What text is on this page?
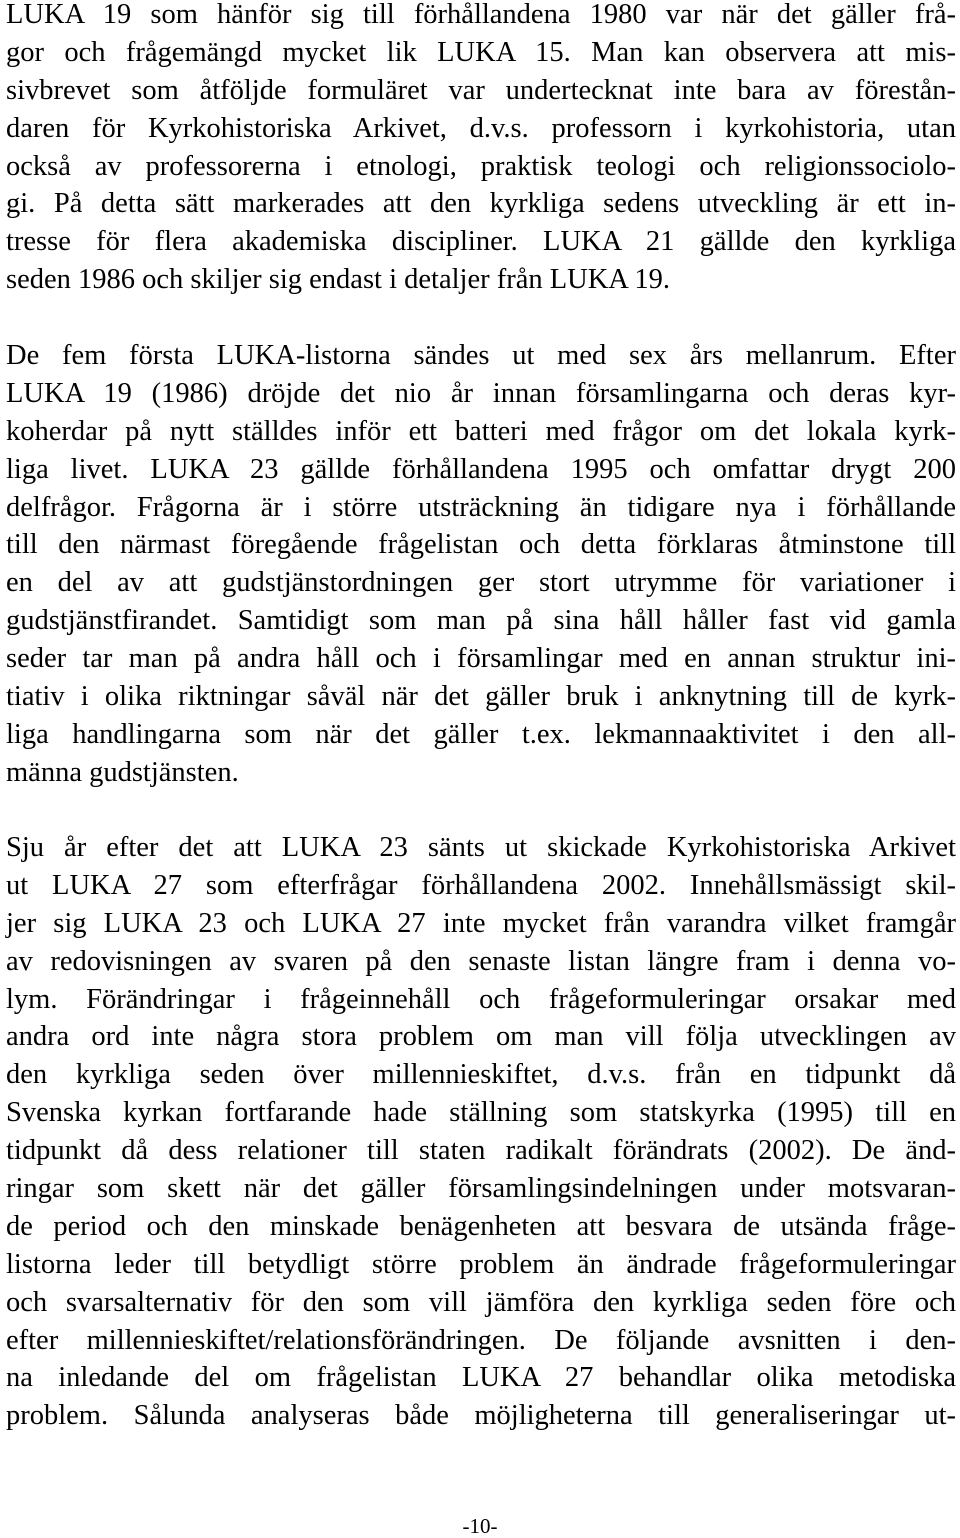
LUKA 19 som hänför sig till förhållandena 1980 var när det gäller frå-
gor och frågemängd mycket lik LUKA 15. Man kan observera att mis-
sivbrevet som åtföljde formuläret var undertecknat inte bara av förestån-
daren för Kyrkohistoriska Arkivet, d.v.s. professorn i kyrkohistoria, utan
också av professorerna i etnologi, praktisk teologi och religionssociolo-
gi. På detta sätt markerades att den kyrkliga sedens utveckling är ett in-
tresse för flera akademiska discipliner. LUKA 21 gällde den kyrkliga
seden 1986 och skiljer sig endast i detaljer från LUKA 19.
De fem första LUKA-listorna sändes ut med sex års mellanrum. Efter
LUKA 19 (1986) dröjde det nio år innan församlingarna och deras kyr-
koherdar på nytt ställdes inför ett batteri med frågor om det lokala kyrk-
liga livet. LUKA 23 gällde förhållandena 1995 och omfattar drygt 200
delfrågor. Frågorna är i större utsträckning än tidigare nya i förhållande
till den närmast föregående frågelistan och detta förklaras åtminstone till
en del av att gudstjänstordningen ger stort utrymme för variationer i
gudstjänstfirandet. Samtidigt som man på sina håll håller fast vid gamla
seder tar man på andra håll och i församlingar med en annan struktur ini-
tiativ i olika riktningar såväl när det gäller bruk i anknytning till de kyrk-
liga handlingarna som när det gäller t.ex. lekmannaaktivitet i den all-
männa gudstjänsten.
Sju år efter det att LUKA 23 sänts ut skickade Kyrkohistoriska Arkivet
ut LUKA 27 som efterfrågar förhållandena 2002. Innehållsmässigt skil-
jer sig LUKA 23 och LUKA 27 inte mycket från varandra vilket framgår
av redovisningen av svaren på den senaste listan längre fram i denna vo-
lym. Förändringar i frågeinnehåll och frågeformuleringar orsakar med
andra ord inte några stora problem om man vill följa utvecklingen av
den kyrkliga seden över millennieskiftet, d.v.s. från en tidpunkt då
Svenska kyrkan fortfarande hade ställning som statskyrka (1995) till en
tidpunkt då dess relationer till staten radikalt förändrats (2002). De änd-
ringar som skett när det gäller församlingsindelningen under motsvaran-
de period och den minskade benägenheten att besvara de utsända fråge-
listorna leder till betydligt större problem än ändrade frågeformuleringar
och svarsalternativ för den som vill jämföra den kyrkliga seden före och
efter millennieskiftet/relationsförändringen. De följande avsnitten i den-
na inledande del om frågelistan LUKA 27 behandlar olika metodiska
problem. Sålunda analyseras både möjligheterna till generaliseringar ut-
-10-
